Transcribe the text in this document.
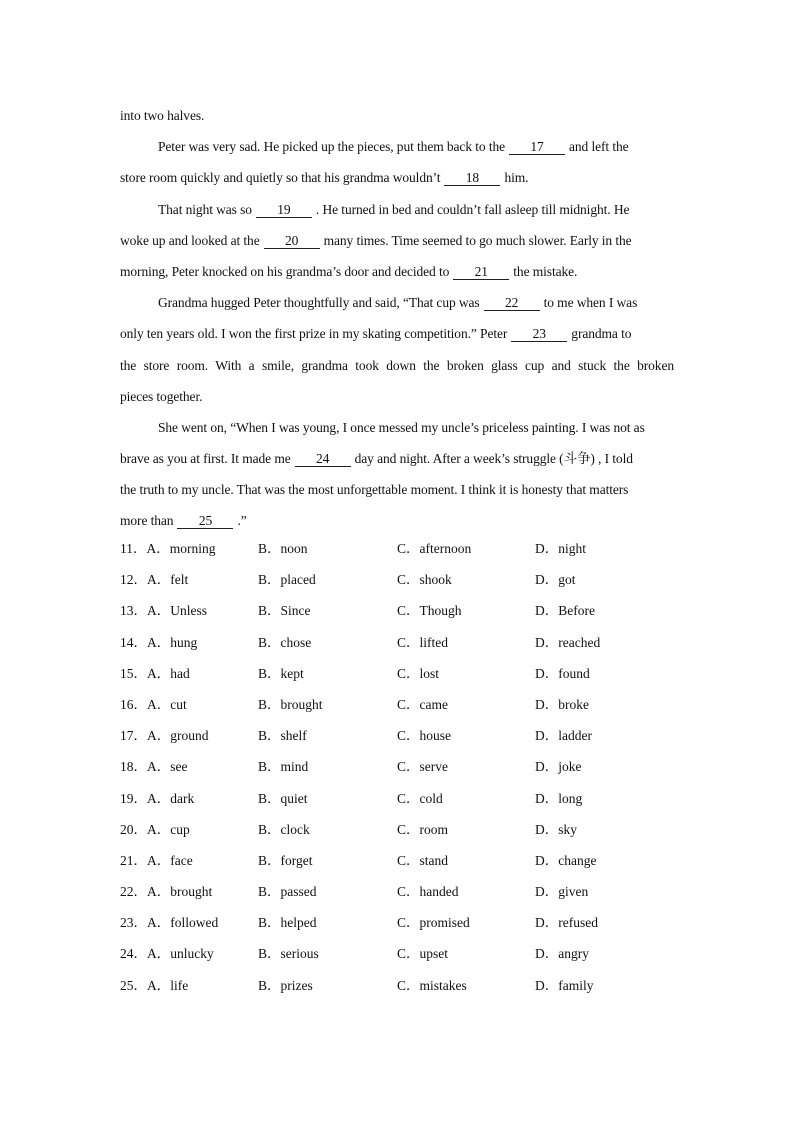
into two halves.
Peter was very sad. He picked up the pieces, put them back to the 17 and left the
store room quickly and quietly so that his grandma wouldn’t 18 him.
That night was so 19 . He turned in bed and couldn’t fall asleep till midnight. He
woke up and looked at the 20 many times. Time seemed to go much slower. Early in the
morning, Peter knocked on his grandma’s door and decided to 21 the mistake.
Grandma hugged Peter thoughtfully and said, “That cup was 22 to me when I was
only ten years old. I won the first prize in my skating competition.” Peter 23 grandma to
the store room. With a smile, grandma took down the broken glass cup and stuck the broken
pieces together.
She went on, “When I was young, I once messed my uncle’s priceless painting. I was not as
brave as you at first. It made me 24 day and night. After a week’s struggle (斗争) , I told
the truth to my uncle. That was the most unforgettable moment. I think it is honesty that matters
more than 25 .”
11．A．morning	B．noon	C．afternoon	D．night
12．A．felt	B．placed	C．shook	D．got
13．A．Unless	B．Since	C．Though	D．Before
14．A．hung	B．chose	C．lifted	D．reached
15．A．had	B．kept	C．lost	D．found
16．A．cut	B．brought	C．came	D．broke
17．A．ground	B．shelf	C．house	D．ladder
18．A．see	B．mind	C．serve	D．joke
19．A．dark	B．quiet	C．cold	D．long
20．A．cup	B．clock	C．room	D．sky
21．A．face	B．forget	C．stand	D．change
22．A．brought	B．passed	C．handed	D．given
23．A．followed	B．helped	C．promised	D．refused
24．A．unlucky	B．serious	C．upset	D．angry
25．A．life	B．prizes	C．mistakes	D．family
